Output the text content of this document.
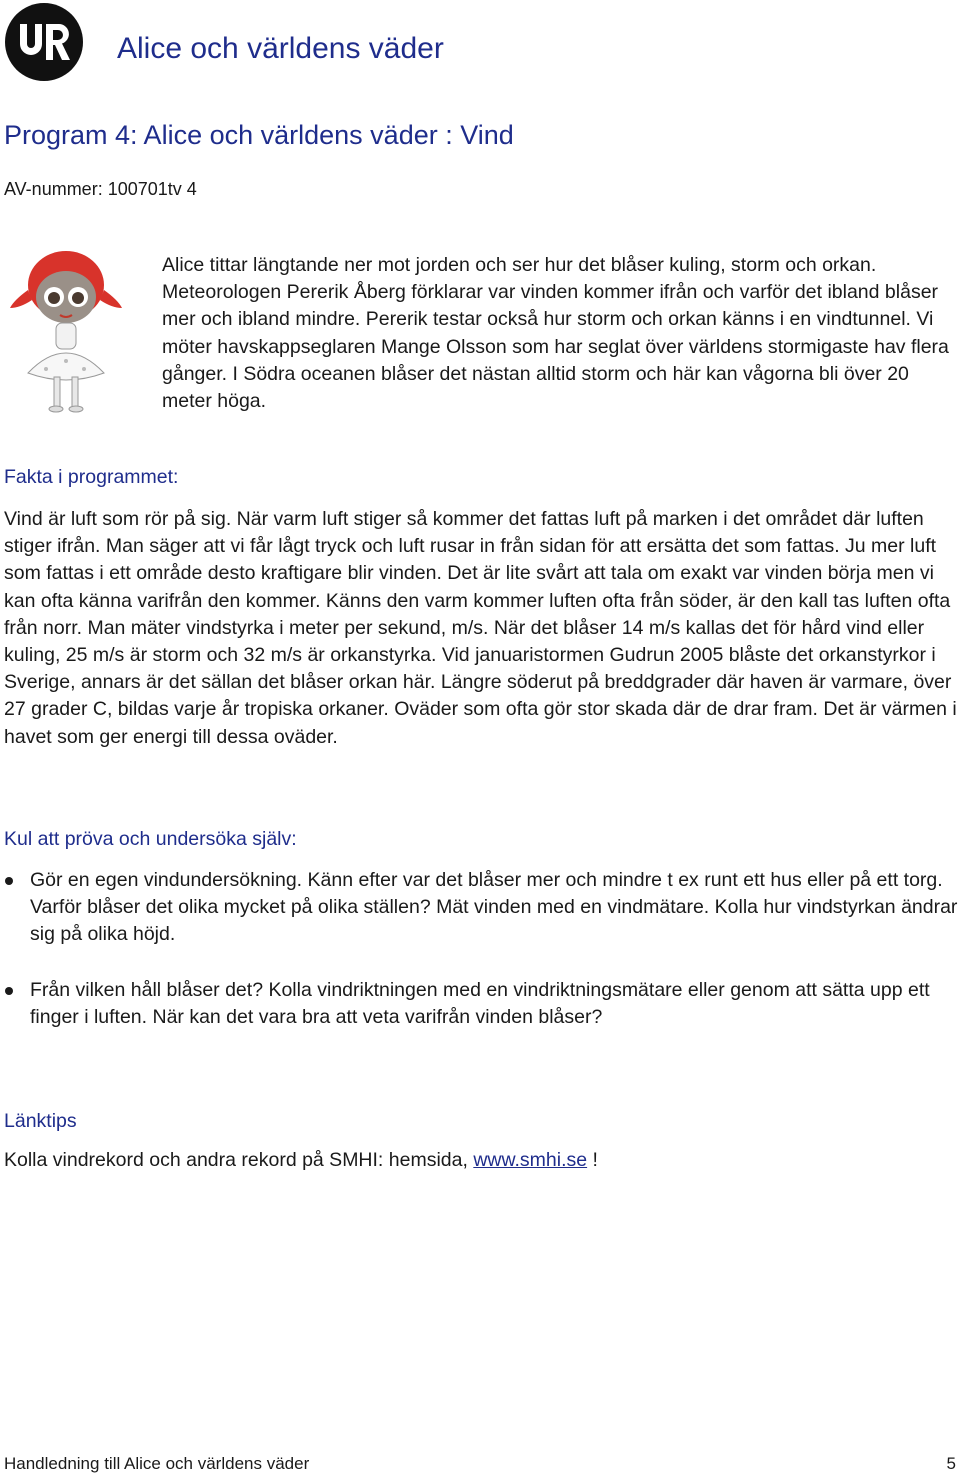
Alice och världens väder
Program 4: Alice och världens väder : Vind
AV-nummer: 100701tv 4

Alice tittar längtande ner mot jorden och ser hur det blåser kuling, storm och orkan. Meteorologen Pererik Åberg förklarar var vinden kommer ifrån och varför det ibland blåser mer och ibland mindre. Pererik testar också hur storm och orkan känns i en vindtunnel. Vi möter havskappseglaren Mange Olsson som har seglat över världens stormigaste hav flera gånger. I Södra oceanen blåser det nästan alltid storm och här kan vågorna bli över 20 meter höga.

Fakta i programmet:

Vind är luft som rör på sig. När varm luft stiger så kommer det fattas luft på marken i det området där luften stiger ifrån. Man säger att vi får lågt tryck och luft rusar in från sidan för att ersätta det som fattas. Ju mer luft som fattas i ett område desto kraftigare blir vinden. Det är lite svårt att tala om exakt var vinden börja men vi kan ofta känna varifrån den kommer. Känns den varm kommer luften ofta från söder, är den kall tas luften ofta från norr. Man mäter vindstyrka i meter per sekund, m/s. När det blåser 14 m/s kallas det för hård vind eller kuling, 25 m/s är storm och 32 m/s är orkanstyrka. Vid januaristormen Gudrun 2005 blåste det orkanstyrkor i Sverige, annars är det sällan det blåser orkan här. Längre söderut på breddgrader där haven är varmare, över 27 grader C, bildas varje år tropiska orkaner. Oväder som ofta gör stor skada där de drar fram. Det är värmen i havet som ger energi till dessa oväder.

Kul att pröva och undersöka själv:
Gör en egen vindundersökning. Känn efter var det blåser mer och mindre t ex runt ett hus eller på ett torg. Varför blåser det olika mycket på olika ställen? Mät vinden med en vindmätare. Kolla hur vindstyrkan ändrar sig på olika höjd.
Från vilken håll blåser det? Kolla vindriktningen med en vindriktningsmätare eller genom att sätta upp ett finger i luften. När kan det vara bra att veta varifrån vinden blåser?
Länktips

Kolla vindrekord och andra rekord på SMHI: hemsida, www.smhi.se !

Handledning till Alice och världens väder	5
